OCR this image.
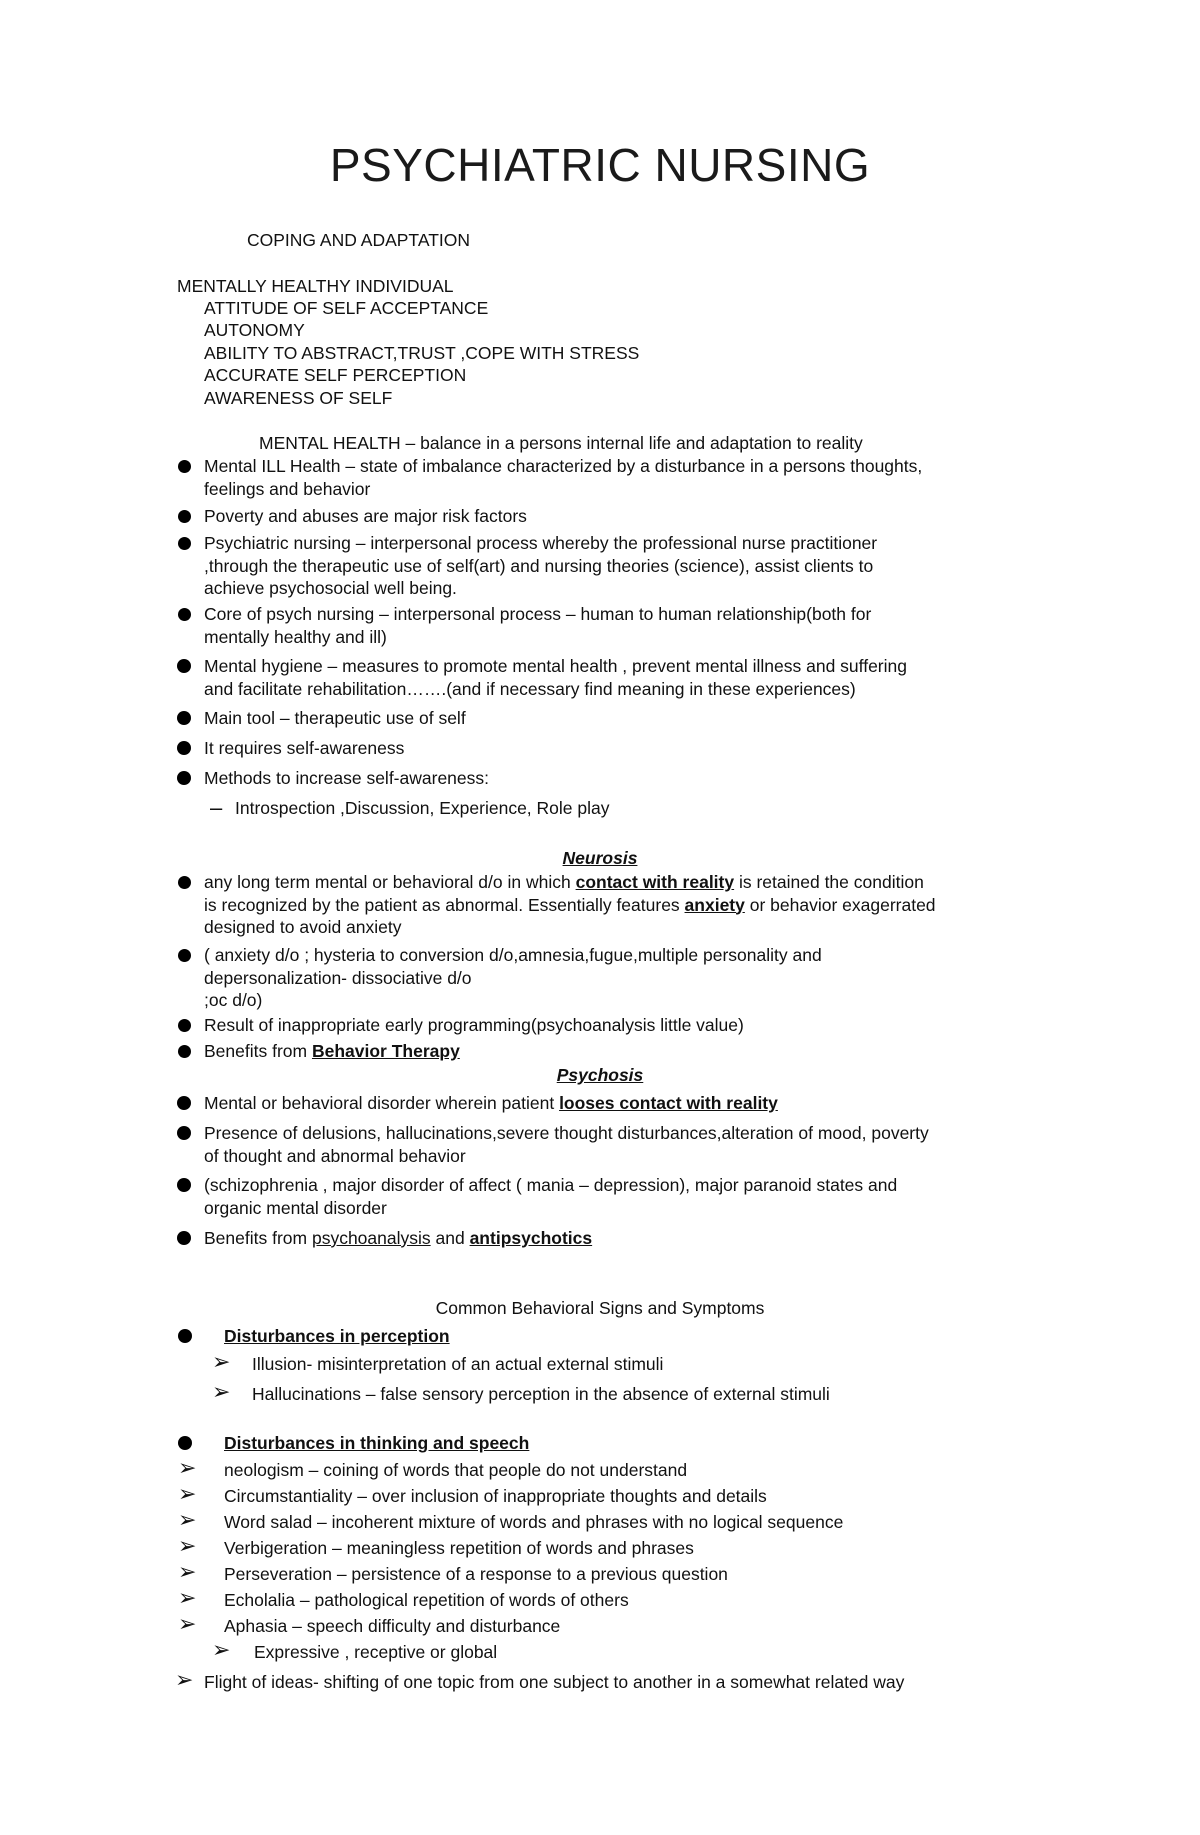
PSYCHIATRIC NURSING
COPING AND ADAPTATION
MENTALLY HEALTHY INDIVIDUAL
ATTITUDE OF SELF ACCEPTANCE
AUTONOMY
ABILITY TO ABSTRACT,TRUST ,COPE WITH STRESS
ACCURATE SELF PERCEPTION
AWARENESS OF SELF
MENTAL HEALTH – balance in a persons internal life and adaptation to reality
Mental ILL Health – state of imbalance characterized by a disturbance in a persons thoughts,
feelings and behavior
Poverty and abuses are major risk factors
Psychiatric nursing – interpersonal process whereby the professional nurse practitioner
,through the therapeutic use of self(art) and nursing theories (science), assist clients to
achieve psychosocial well being.
Core of psych nursing – interpersonal process – human to human relationship(both for
mentally healthy and ill)
Mental hygiene – measures to promote mental health , prevent mental illness and suffering
and facilitate rehabilitation…….(and if necessary find meaning in these experiences)
Main tool – therapeutic use of self
It requires self-awareness
Methods to increase self-awareness:
– Introspection ,Discussion, Experience, Role play
Neurosis
any long term mental or behavioral d/o in which contact with reality is retained the condition
is recognized by the patient as abnormal. Essentially features anxiety or behavior exagerrated
designed to avoid anxiety
( anxiety d/o ; hysteria to conversion d/o,amnesia,fugue,multiple personality and
depersonalization- dissociative d/o
;oc d/o)
Result of inappropriate early programming(psychoanalysis little value)
Benefits from Behavior Therapy
Psychosis
Mental or behavioral disorder wherein patient looses contact with reality
Presence of delusions, hallucinations,severe thought disturbances,alteration of mood, poverty
of thought and abnormal behavior
(schizophrenia , major disorder of affect ( mania – depression), major paranoid states and
organic mental disorder
Benefits from psychoanalysis and antipsychotics
Common Behavioral Signs and Symptoms
Disturbances in perception
➢ Illusion- misinterpretation of an actual external stimuli
➢ Hallucinations – false sensory perception in the absence of external stimuli
Disturbances in thinking and speech
➢ neologism – coining of words that people do not understand
➢ Circumstantiality – over inclusion of inappropriate thoughts and details
➢ Word salad – incoherent mixture of words and phrases with no logical sequence
➢ Verbigeration – meaningless repetition of words and phrases
➢ Perseveration – persistence of a response to a previous question
➢ Echolalia – pathological repetition of words of others
➢ Aphasia – speech difficulty and disturbance
➢ Expressive , receptive or global
➢ Flight of ideas- shifting of one topic from one subject to another in a somewhat related way
